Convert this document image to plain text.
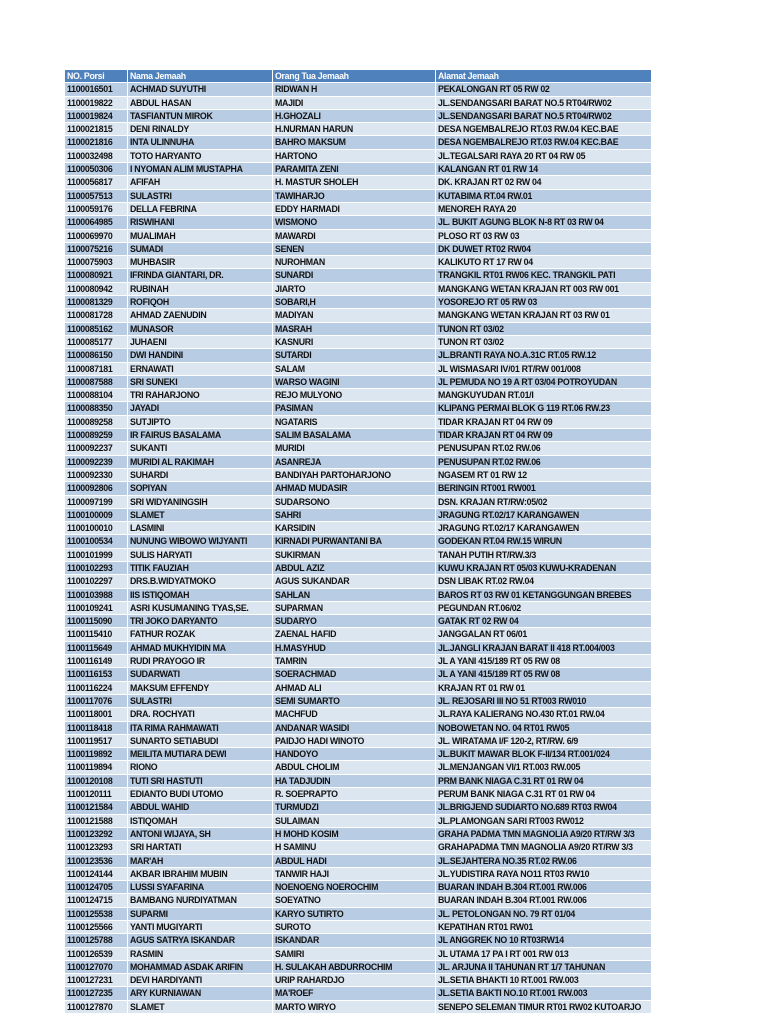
NO. Porsi	Nama Jemaah	Orang Tua Jemaah	Alamat Jemaah
1100016501	ACHMAD SUYUTHI	RIDWAN H	PEKALONGAN RT 05 RW 02
1100019822	ABDUL HASAN	MAJIDI	JL.SENDANGSARI BARAT NO.5 RT04/RW02
1100019824	TASFIANTUN MIROK	H.GHOZALI	JL.SENDANGSARI BARAT NO.5 RT04/RW02
1100021815	DENI RINALDY	H.NURMAN HARUN	DESA NGEMBALREJO RT.03 RW.04 KEC.BAE
1100021816	INTA ULINNUHA	BAHRO MAKSUM	DESA NGEMBALREJO RT.03 RW.04 KEC.BAE
1100032498	TOTO HARYANTO	HARTONO	JL.TEGALSARI RAYA 20 RT 04 RW 05
1100050306	I NYOMAN ALIM MUSTAPHA	PARAMITA ZENI	KALANGAN RT 01 RW 14
1100056817	AFIFAH	H. MASTUR SHOLEH	DK. KRAJAN RT 02 RW 04
1100057513	SULASTRI	TAWIHARJO	KUTABIMA RT.04 RW.01
1100059176	DELLA FEBRINA	EDDY HARMADI	MENOREH RAYA 20
1100064985	RISWIHANI	WISMONO	JL. BUKIT AGUNG BLOK N-8 RT 03 RW 04
1100069970	MUALIMAH	MAWARDI	PLOSO RT 03 RW 03
1100075216	SUMADI	SENEN	DK DUWET RT02 RW04
1100075903	MUHBASIR	NUROHMAN	KALIKUTO RT 17 RW 04
1100080921	IFRINDA GIANTARI, DR.	SUNARDI	TRANGKIL RT01 RW06 KEC. TRANGKIL PATI
1100080942	RUBINAH	JIARTO	MANGKANG WETAN KRAJAN RT 003 RW 001
1100081329	ROFIQOH	SOBARI,H	YOSOREJO RT 05 RW 03
1100081728	AHMAD ZAENUDIN	MADIYAN	MANGKANG WETAN KRAJAN RT 03 RW 01
1100085162	MUNASOR	MASRAH	TUNON RT 03/02
1100085177	JUHAENI	KASNURI	TUNON RT 03/02
1100086150	DWI HANDINI	SUTARDI	JL.BRANTI RAYA NO.A.31C RT.05 RW.12
1100087181	ERNAWATI	SALAM	JL WISMASARI IV/01 RT/RW 001/008
1100087588	SRI SUNEKI	WARSO WAGINI	JL PEMUDA NO 19 A RT 03/04 POTROYUDAN
1100088104	TRI RAHARJONO	REJO MULYONO	MANGKUYUDAN RT.01/I
1100088350	JAYADI	PASIMAN	KLIPANG PERMAI BLOK G 119 RT.06 RW.23
1100089258	SUTJIPTO	NGATARIS	TIDAR KRAJAN RT 04 RW 09
1100089259	IR FAIRUS BASALAMA	SALIM BASALAMA	TIDAR KRAJAN RT 04 RW 09
1100092237	SUKANTI	MURIDI	PENUSUPAN RT.02 RW.06
1100092239	MURIDI AL RAKIMAH	ASANREJA	PENUSUPAN RT.02 RW.06
1100092330	SUHARDI	BANDIYAH PARTOHARJONO	NGASEM RT 01 RW 12
1100092806	SOPIYAN	AHMAD MUDASIR	BERINGIN RT001 RW001
1100097199	SRI WIDYANINGSIH	SUDARSONO	DSN. KRAJAN RT/RW:05/02
1100100009	SLAMET	SAHRI	JRAGUNG RT.02/17 KARANGAWEN
1100100010	LASMINI	KARSIDIN	JRAGUNG RT.02/17 KARANGAWEN
1100100534	NUNUNG WIBOWO WIJYANTI	KIRNADI PURWANTANI BA	GODEKAN RT.04 RW.15 WIRUN
1100101999	SULIS HARYATI	SUKIRMAN	TANAH PUTIH RT/RW.3/3
1100102293	TITIK FAUZIAH	ABDUL AZIZ	KUWU KRAJAN RT 05/03 KUWU-KRADENAN
1100102297	DRS.B.WIDYATMOKO	AGUS SUKANDAR	DSN LIBAK RT.02 RW.04
1100103988	IIS ISTIQOMAH	SAHLAN	BAROS RT 03 RW 01 KETANGGUNGAN BREBES
1100109241	ASRI KUSUMANING TYAS,SE.	SUPARMAN	PEGUNDAN RT.06/02
1100115090	TRI JOKO DARYANTO	SUDARYO	GATAK RT 02 RW 04
1100115410	FATHUR ROZAK	ZAENAL HAFID	JANGGALAN RT 06/01
1100115649	AHMAD MUKHYIDIN MA	H.MASYHUD	JL.JANGLI KRAJAN BARAT II 418 RT.004/003
1100116149	RUDI PRAYOGO IR	TAMRIN	JL A YANI 415/189 RT 05 RW 08
1100116153	SUDARWATI	SOERACHMAD	JL A YANI 415/189 RT 05 RW 08
1100116224	MAKSUM EFFENDY	AHMAD ALI	KRAJAN RT 01 RW 01
1100117076	SULASTRI	SEMI SUMARTO	JL. REJOSARI III NO 51 RT003 RW010
1100118001	DRA. ROCHYATI	MACHFUD	JL.RAYA KALIERANG NO.430 RT.01 RW.04
1100118418	ITA RIMA RAHMAWATI	ANDANAR WASIDI	NOBOWETAN NO. 04 RT01 RW05
1100119517	SUNARTO SETIABUDI	PAIDJO HADI WINOTO	JL. WIRATAMA I/F 120-2, RT/RW. 6/9
1100119892	MEILITA MUTIARA DEWI	HANDOYO	JL.BUKIT MAWAR BLOK F-II/134 RT.001/024
1100119894	RIONO	ABDUL CHOLIM	JL.MENJANGAN VI/1 RT.003 RW.005
1100120108	TUTI SRI HASTUTI	HA TADJUDIN	PRM BANK NIAGA C.31 RT 01 RW 04
1100120111	EDIANTO BUDI UTOMO	R. SOEPRAPTO	PERUM BANK NIAGA C.31 RT 01 RW 04
1100121584	ABDUL WAHID	TURMUDZI	JL.BRIGJEND SUDIARTO NO.689 RT03 RW04
1100121588	ISTIQOMAH	SULAIMAN	JL.PLAMONGAN SARI RT003 RW012
1100123292	ANTONI WIJAYA, SH	H MOHD KOSIM	GRAHA PADMA TMN MAGNOLIA A9/20 RT/RW 3/3
1100123293	SRI HARTATI	H SAMINU	GRAHAPADMA TMN MAGNOLIA A9/20 RT/RW 3/3
1100123536	MAR'AH	ABDUL HADI	JL.SEJAHTERA NO.35 RT.02 RW.06
1100124144	AKBAR IBRAHIM MUBIN	TANWIR HAJI	JL.YUDISTIRA RAYA NO11 RT03 RW10
1100124705	LUSSI SYAFARINA	NOENOENG NOEROCHIM	BUARAN INDAH B.304 RT.001 RW.006
1100124715	BAMBANG NURDIYATMAN	SOEYATNO	BUARAN INDAH B.304 RT.001 RW.006
1100125538	SUPARMI	KARYO SUTIRTO	JL. PETOLONGAN NO. 79 RT 01/04
1100125566	YANTI MUGIYARTI	SUROTO	KEPATIHAN RT01 RW01
1100125788	AGUS SATRYA ISKANDAR	ISKANDAR	JL ANGGREK NO 10 RT03RW14
1100126539	RASMIN	SAMIRI	JL UTAMA 17 PA I RT 001 RW 013
1100127070	MOHAMMAD ASDAK ARIFIN	H. SULAKAH ABDURROCHIM	JL. ARJUNA II TAHUNAN RT 1/7 TAHUNAN
1100127231	DEVI HARDIYANTI	URIP RAHARDJO	JL.SETIA BHAKTI 10 RT.001 RW.003
1100127235	ARY KURNIAWAN	MA'ROEF	JL.SETIA BAKTI NO.10 RT.001 RW.003
1100127870	SLAMET	MARTO WIRYO	SENEPO SELEMAN TIMUR RT01 RW02 KUTOARJO
